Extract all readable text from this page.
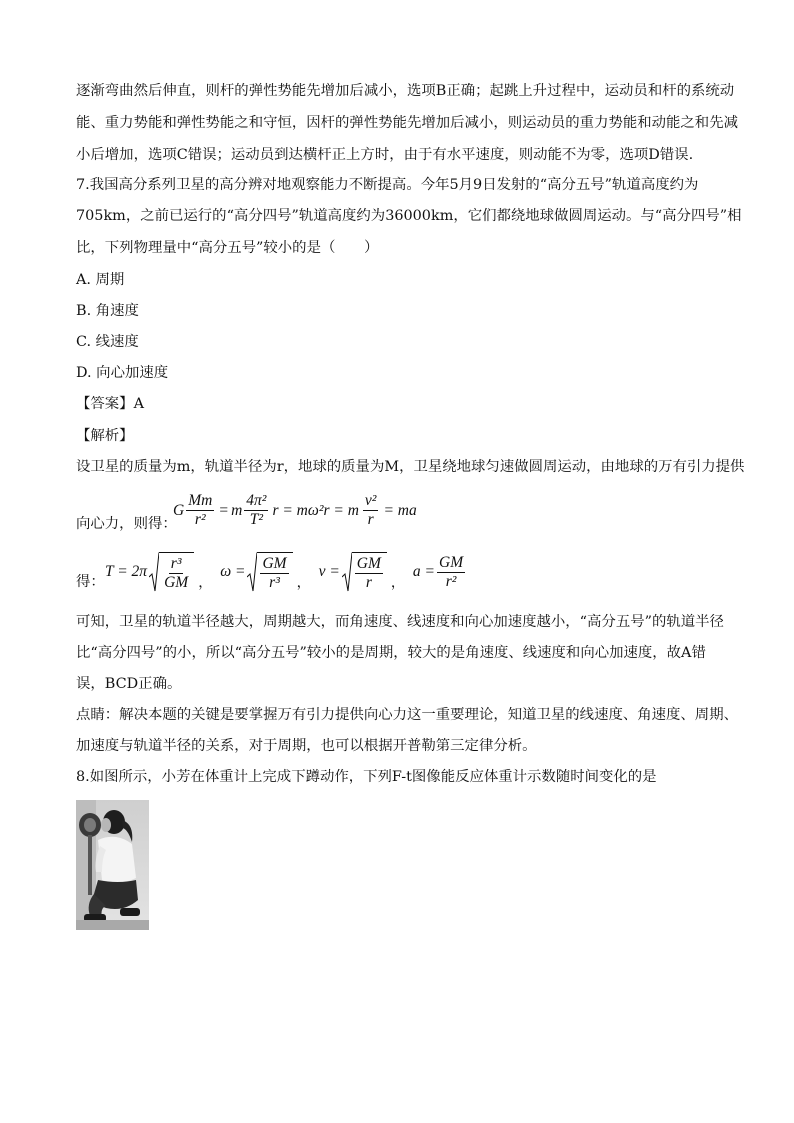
逐渐弯曲然后伸直，则杆的弹性势能先增加后减小，选项B正确；起跳上升过程中，运动员和杆的系统动
能、重力势能和弹性势能之和守恒，因杆的弹性势能先增加后减小，则运动员的重力势能和动能之和先减
小后增加，选项C错误；运动员到达横杆正上方时，由于有水平速度，则动能不为零，选项D错误.
7.我国高分系列卫星的高分辨对地观察能力不断提高。今年5月9日发射的“高分五号”轨道高度约为
705km，之前已运行的“高分四号”轨道高度约为36000km，它们都绕地球做圆周运动。与“高分四号”相
比，下列物理量中“高分五号”较小的是（　　）
A. 周期
B. 角速度
C. 线速度
D. 向心加速度
【答案】A
【解析】
设卫星的质量为m，轨道半径为r，地球的质量为M，卫星绕地球匀速做圆周运动，由地球的万有引力提供
向心力，则得：
G $\frac{Mm}{\text{r²}} = m \frac{\text{4π²}}{\text{T²}}$ r = mω²r = m $\frac{\text{v²}}{r}$ = ma
得：
$T = 2\pi \frac{\text{r³}}{GM}$ ，
$\omega = \frac{GM}{\text{r³}}$ ，
$v = \frac{GM}{r}$ ，
$a = \frac{GM}{\text{r²}}$
可知，卫星的轨道半径越大，周期越大，而角速度、线速度和向心加速度越小，“高分五号”的轨道半径
比“高分四号”的小，所以“高分五号”较小的是周期，较大的是角速度、线速度和向心加速度，故A错
误，BCD正确。
点睛：解决本题的关键是要掌握万有引力提供向心力这一重要理论，知道卫星的线速度、角速度、周期、
加速度与轨道半径的关系，对于周期，也可以根据开普勒第三定律分析。
8.如图所示，小芳在体重计上完成下蹲动作，下列F-t图像能反应体重计示数随时间变化的是
